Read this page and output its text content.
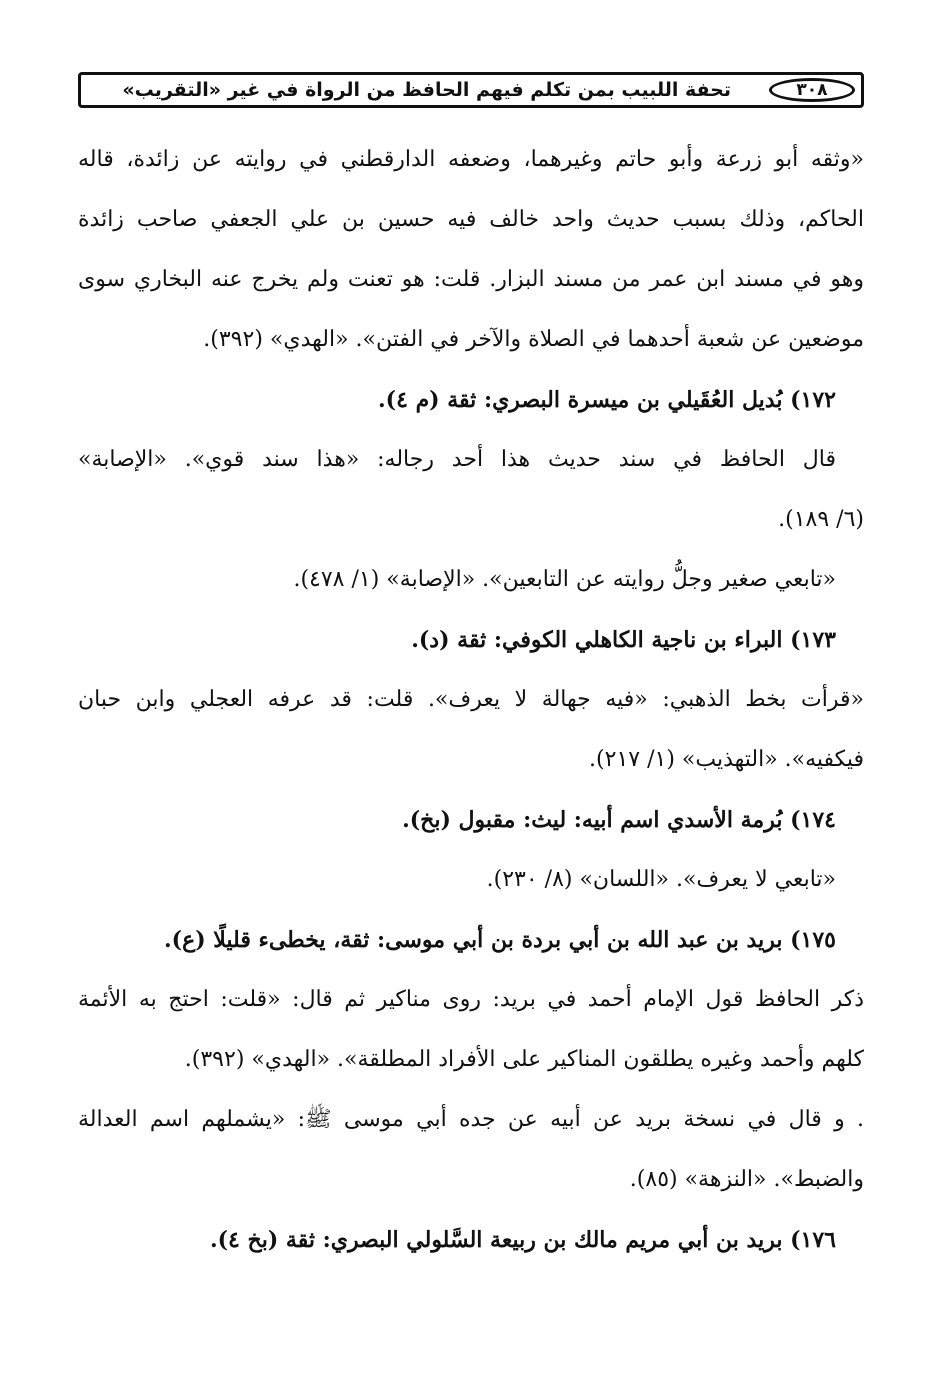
٣٠٨
تحفة اللبيب بمن تكلم فيهم الحافظ من الرواة في غير «التقريب»

«وثقه أبو زرعة وأبو حاتم وغيرهما، وضعفه الدارقطني في روايته عن زائدة، قاله
الحاكم، وذلك بسبب حديث واحد خالف فيه حسين بن علي الجعفي صاحب زائدة
وهو في مسند ابن عمر من مسند البزار. قلت: هو تعنت ولم يخرج عنه البخاري سوى
موضعين عن شعبة أحدهما في الصلاة والآخر في الفتن». «الهدي» (٣٩٢).

١٧٢) بُديل العُقَيلي بن ميسرة البصري: ثقة (م ٤).

قال الحافظ في سند حديث هذا أحد رجاله: «هذا سند قوي». «الإصابة»
(٦/ ١٨٩).

«تابعي صغير وجلُّ روايته عن التابعين». «الإصابة» (١/ ٤٧٨).

١٧٣) البراء بن ناجية الكاهلي الكوفي: ثقة (د).

«قرأت بخط الذهبي: «فيه جهالة لا يعرف». قلت: قد عرفه العجلي وابن حبان
فيكفيه». «التهذيب» (١/ ٢١٧).

١٧٤) بُرمة الأسدي اسم أبيه: ليث: مقبول (بخ).

«تابعي لا يعرف». «اللسان» (٨/ ٢٣٠).

١٧٥) بريد بن عبد الله بن أبي بردة بن أبي موسى: ثقة، يخطىء قليلًا (ع).

ذكر الحافظ قول الإمام أحمد في بريد: روى مناكير ثم قال: «قلت: احتج به الأئمة
كلهم وأحمد وغيره يطلقون المناكير على الأفراد المطلقة». «الهدي» (٣٩٢).

. و قال في نسخة بريد عن أبيه عن جده أبي موسى ﷺ: «يشملهم اسم العدالة
والضبط». «النزهة» (٨٥).

١٧٦) بريد بن أبي مريم مالك بن ربيعة السَّلولي البصري: ثقة (بخ ٤).
